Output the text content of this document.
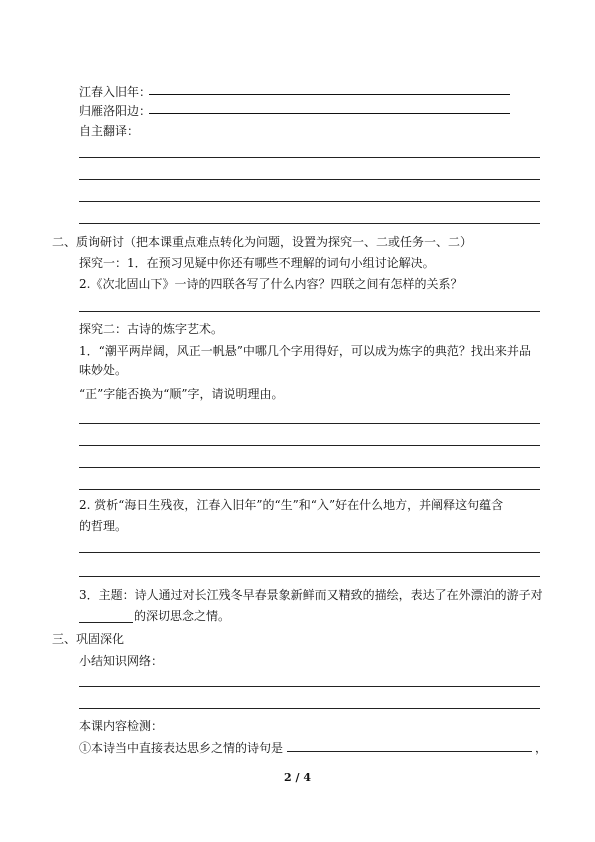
江春入旧年：
归雁洛阳边：
自主翻译：
二、质询研讨（把本课重点难点转化为问题，设置为探究一、二或任务一、二）
探究一：1．在预习见疑中你还有哪些不理解的词句小组讨论解决。
2.《次北固山下》一诗的四联各写了什么内容？四联之间有怎样的关系？
探究二：古诗的炼字艺术。
1．“潮平两岸阔，风正一帆悬”中哪几个字用得好，可以成为炼字的典范？找出来并品
味妙处。
“正”字能否换为“顺”字，请说明理由。
2. 赏析“海日生残夜，江春入旧年”的“生”和“入”好在什么地方，并阐释这句蕴含
的哲理。
3．主题：诗人通过对长江残冬早春景象新鲜而又精致的描绘，表达了在外漂泊的游子对
的深切思念之情。
三、巩固深化
小结知识网络：
本课内容检测：
①本诗当中直接表达思乡之情的诗句是	，
2 / 4
